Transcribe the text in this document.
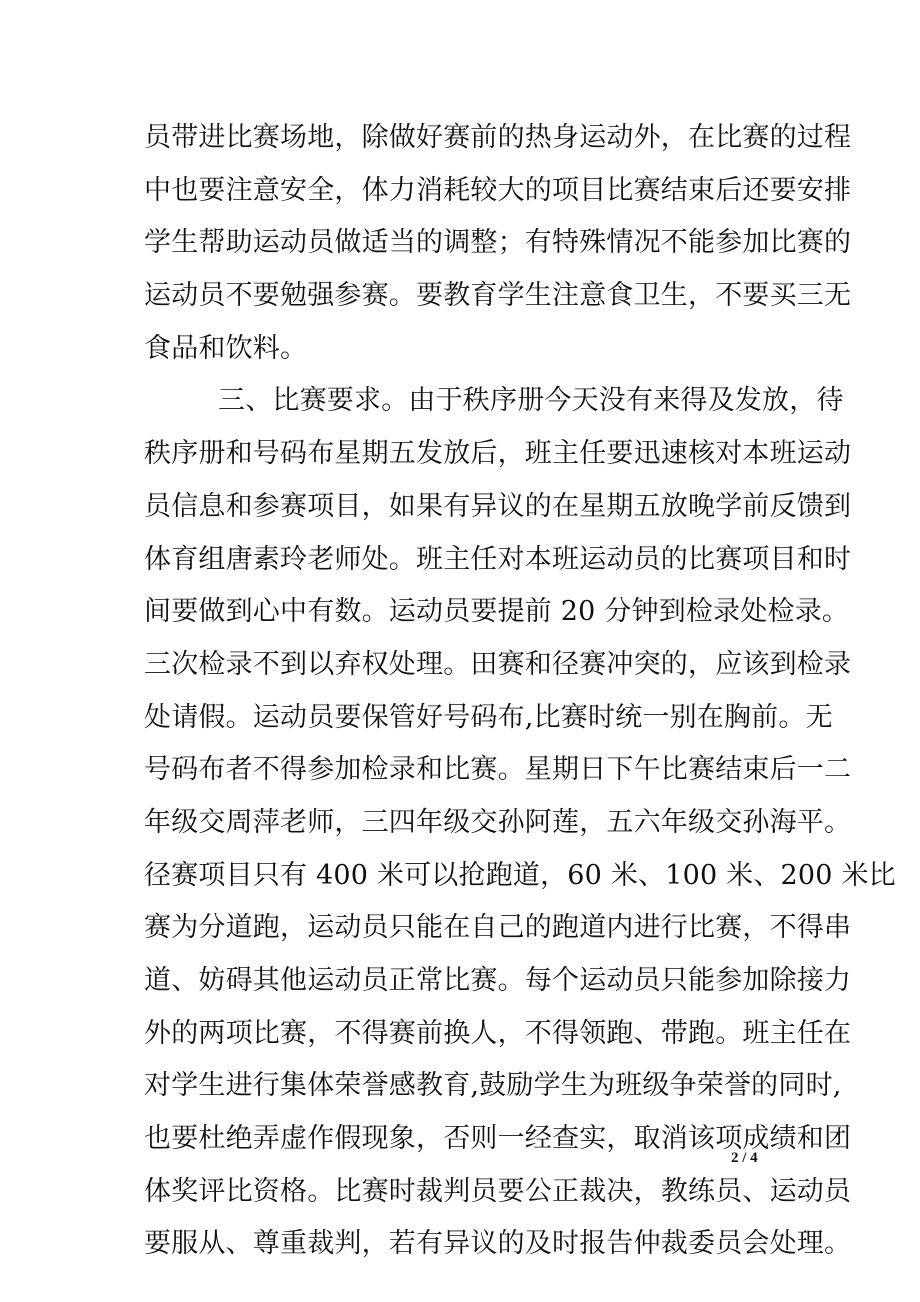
员带进比赛场地，除做好赛前的热身运动外，在比赛的过程
中也要注意安全，体力消耗较大的项目比赛结束后还要安排
学生帮助运动员做适当的调整；有特殊情况不能参加比赛的
运动员不要勉强参赛。要教育学生注意食卫生，不要买三无
食品和饮料。
三、比赛要求。由于秩序册今天没有来得及发放，待
秩序册和号码布星期五发放后，班主任要迅速核对本班运动
员信息和参赛项目，如果有异议的在星期五放晚学前反馈到
体育组唐素玲老师处。班主任对本班运动员的比赛项目和时
间要做到心中有数。运动员要提前 20 分钟到检录处检录。
三次检录不到以弃权处理。田赛和径赛冲突的，应该到检录
处请假。运动员要保管好号码布,比赛时统一别在胸前。无
号码布者不得参加检录和比赛。星期日下午比赛结束后一二
年级交周萍老师，三四年级交孙阿莲，五六年级交孙海平。
径赛项目只有 400 米可以抢跑道，60 米、100 米、200 米比
赛为分道跑，运动员只能在自己的跑道内进行比赛，不得串
道、妨碍其他运动员正常比赛。每个运动员只能参加除接力
外的两项比赛，不得赛前换人，不得领跑、带跑。班主任在
对学生进行集体荣誉感教育,鼓励学生为班级争荣誉的同时,
也要杜绝弄虚作假现象，否则一经查实，取消该项成绩和团
体奖评比资格。比赛时裁判员要公正裁决，教练员、运动员
要服从、尊重裁判，若有异议的及时报告仲裁委员会处理。
2 / 4
